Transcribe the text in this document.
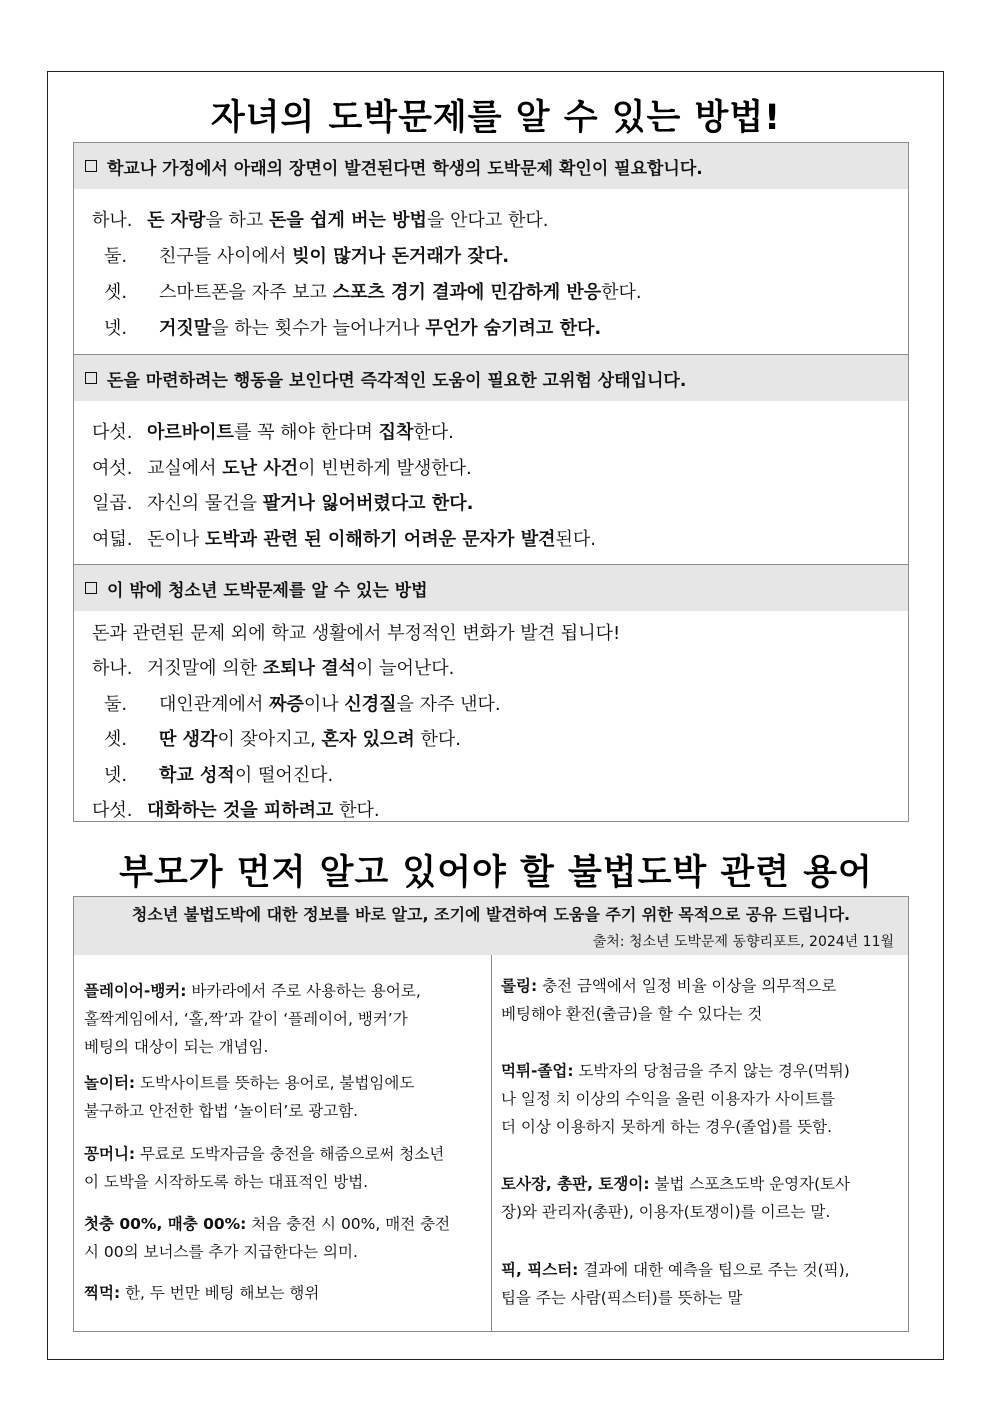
자녀의 도박문제를 알 수 있는 방법!
학교나 가정에서 아래의 장면이 발견된다면 학생의 도박문제 확인이 필요합니다.
하나. 돈 자랑을 하고 돈을 쉽게 버는 방법을 안다고 한다.
둘. 친구들 사이에서 빚이 많거나 돈거래가 잦다.
셋. 스마트폰을 자주 보고 스포츠 경기 결과에 민감하게 반응한다.
넷. 거짓말을 하는 횟수가 늘어나거나 무언가 숨기려고 한다.
돈을 마련하려는 행동을 보인다면 즉각적인 도움이 필요한 고위험 상태입니다.
다섯. 아르바이트를 꼭 해야 한다며 집착한다.
여섯. 교실에서 도난 사건이 빈번하게 발생한다.
일곱. 자신의 물건을 팔거나 잃어버렸다고 한다.
여덟. 돈이나 도박과 관련 된 이해하기 어려운 문자가 발견된다.
이 밖에 청소년 도박문제를 알 수 있는 방법
돈과 관련된 문제 외에 학교 생활에서 부정적인 변화가 발견 됩니다!
하나. 거짓말에 의한 조퇴나 결석이 늘어난다.
둘. 대인관계에서 짜증이나 신경질을 자주 낸다.
셋. 딴 생각이 잦아지고, 혼자 있으려 한다.
넷. 학교 성적이 떨어진다.
다섯. 대화하는 것을 피하려고 한다.
부모가 먼저 알고 있어야 할 불법도박 관련 용어
청소년 불법도박에 대한 정보를 바로 알고, 조기에 발견하여 도움을 주기 위한 목적으로 공유 드립니다.
출처: 청소년 도박문제 동향리포트, 2024년 11월
플레이어-뱅커: 바카라에서 주로 사용하는 용어로,
홀짝게임에서, ‘홀,짝’과 같이 ‘플레이어, 뱅커’가
베팅의 대상이 되는 개념임.
놀이터: 도박사이트를 뜻하는 용어로, 불법임에도
불구하고 안전한 합법 ‘놀이터’로 광고함.
꽁머니: 무료로 도박자금을 충전을 해줌으로써 청소년
이 도박을 시작하도록 하는 대표적인 방법.
첫충 00%, 매충 00%: 처음 충전 시 00%, 매전 충전
시 00의 보너스를 추가 지급한다는 의미.
찍먹: 한, 두 번만 베팅 해보는 행위
롤링: 충전 금액에서 일정 비율 이상을 의무적으로
베팅해야 환전(출금)을 할 수 있다는 것
먹튀-졸업: 도박자의 당첨금을 주지 않는 경우(먹튀)
나 일정 치 이상의 수익을 올린 이용자가 사이트를
더 이상 이용하지 못하게 하는 경우(졸업)를 뜻함.
토사장, 총판, 토쟁이: 불법 스포츠도박 운영자(토사
장)와 관리자(총판), 이용자(토쟁이)를 이르는 말.
픽, 픽스터: 결과에 대한 예측을 팁으로 주는 것(픽),
팁을 주는 사람(픽스터)를 뜻하는 말
